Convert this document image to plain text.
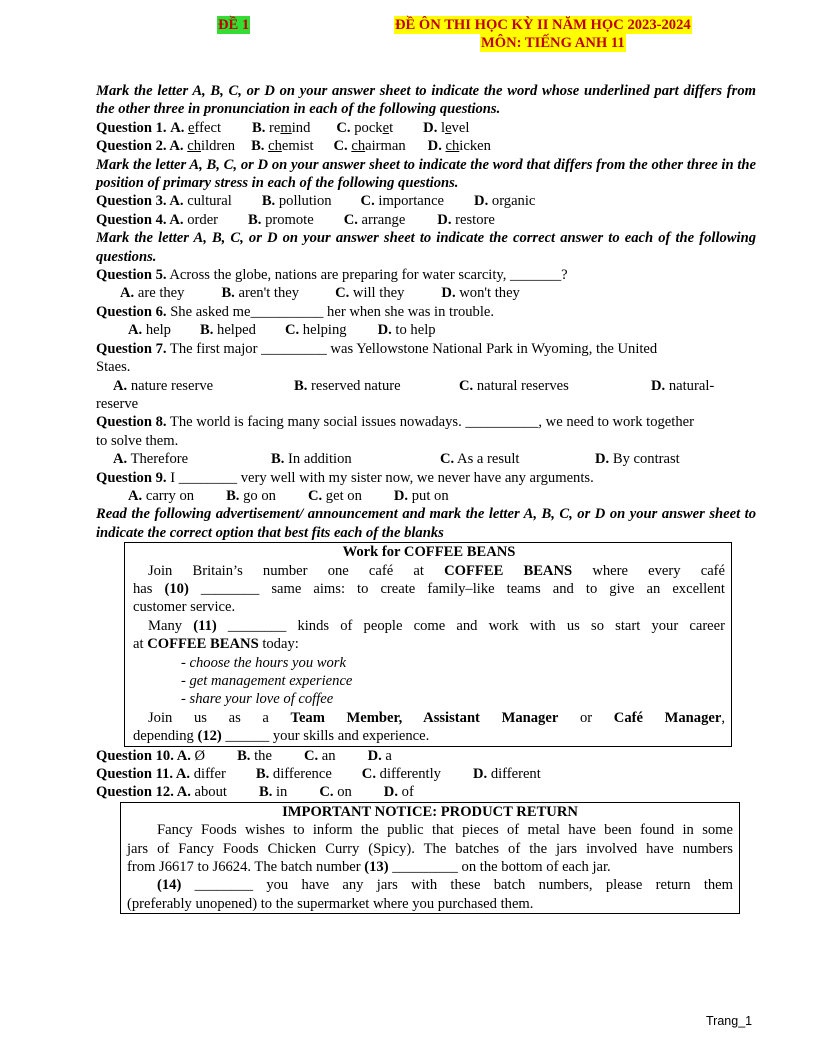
ĐỀ 1	ĐỀ ÔN THI HỌC KỲ II NĂM HỌC 2023-2024
MÔN: TIẾNG ANH 11
Mark the letter A, B, C, or D on your answer sheet to indicate the word whose underlined part differs from the other three in pronunciation in each of the following questions.
Question 1. A. effect B. remind C. pocket D. level
Question 2. A. children B. chemist C. chairman D. chicken
Mark the letter A, B, C, or D on your answer sheet to indicate the word that differs from the other three in the position of primary stress in each of the following questions.
Question 3. A. cultural B. pollution C. importance D. organic
Question 4. A. order B. promote C. arrange D. restore
Mark the letter A, B, C, or D on your answer sheet to indicate the correct answer to each of the following questions.
Question 5. Across the globe, nations are preparing for water scarcity, _______?
A. are they	B. aren't they C. will they	D. won't they
Question 6. She asked me__________ her when she was in trouble.
A. help B. helped C. helping D. to help
Question 7. The first major _________ was Yellowstone National Park in Wyoming, the United
Staes.
A. nature reserve	B. reserved nature	C. natural reserves	D. natural-
reserve
Question 8. The world is facing many social issues nowadays. __________, we need to work together
to solve them.
A. Therefore	B. In addition	C. As a result	D. By contrast
Question 9. I ________ very well with my sister now, we never have any arguments.
A. carry on B. go on C. get on D. put on
Read the following advertisement/ announcement and mark the letter A, B, C, or D on your answer sheet to indicate the correct option that best fits each of the blanks
Work for COFFEE BEANS
Join Britain’s number one café at COFFEE BEANS where every café
has (10) ________ same aims: to create family–like teams and to give an excellent
customer service.
Many (11) ________ kinds of people come and work with us so start your career
at COFFEE BEANS today:
- choose the hours you work
- get management experience
- share your love of coffee
Join us as a Team Member, Assistant Manager or Café Manager,
depending (12) ______ your skills and experience.
Question 10. A. Ø B. the C. an D. a
Question 11. A. differ B. difference C. differently D. different
Question 12. A. about B. in C. on D. of
IMPORTANT NOTICE: PRODUCT RETURN
Fancy Foods wishes to inform the public that pieces of metal have been found in some
jars of Fancy Foods Chicken Curry (Spicy). The batches of the jars involved have numbers
from J6617 to J6624. The batch number (13) _________ on the bottom of each jar.
(14) ________ you have any jars with these batch numbers, please return them
(preferably unopened) to the supermarket where you purchased them.
Trang_1
